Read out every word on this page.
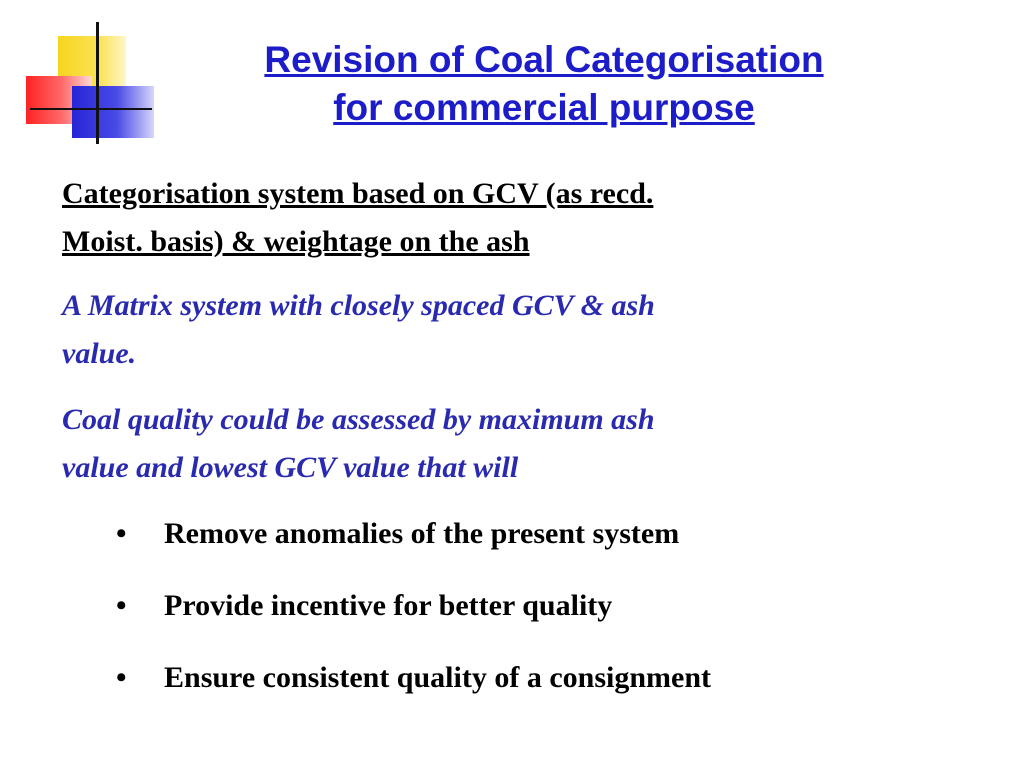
Revision of Coal Categorisation
for commercial purpose

Categorisation system based on GCV (as recd.
Moist. basis) & weightage on the ash

A Matrix system with closely spaced GCV & ash
value.

Coal quality could be assessed by maximum ash
value and lowest GCV value that will

• Remove anomalies of the present system
• Provide incentive for better quality
• Ensure consistent quality of a consignment
